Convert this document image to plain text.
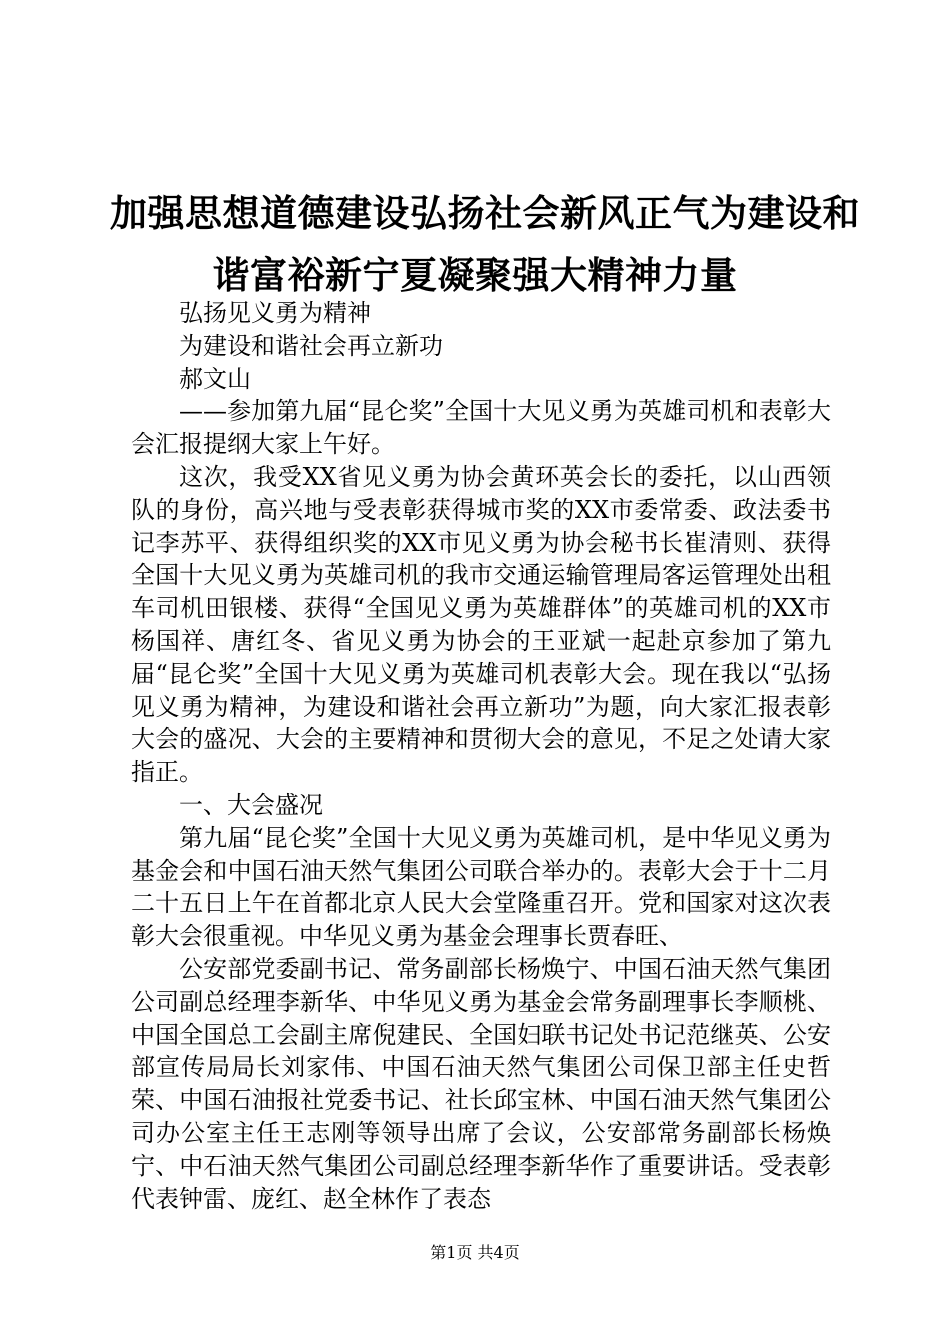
加强思想道德建设弘扬社会新风正气为建设和
谐富裕新宁夏凝聚强大精神力量

弘扬见义勇为精神

为建设和谐社会再立新功

郝文山

——参加第九届“昆仑奖”全国十大见义勇为英雄司机和表彰大会汇报提纲大家上午好。

这次，我受XX省见义勇为协会黄环英会长的委托，以山西领队的身份，高兴地与受表彰获得城市奖的XX市委常委、政法委书记李苏平、获得组织奖的XX市见义勇为协会秘书长崔清则、获得全国十大见义勇为英雄司机的我市交通运输管理局客运管理处出租车司机田银楼、获得“全国见义勇为英雄群体”的英雄司机的XX市杨国祥、唐红冬、省见义勇为协会的王亚斌一起赴京参加了第九届“昆仑奖”全国十大见义勇为英雄司机表彰大会。现在我以“弘扬见义勇为精神，为建设和谐社会再立新功”为题，向大家汇报表彰大会的盛况、大会的主要精神和贯彻大会的意见，不足之处请大家指正。

一、大会盛况

第九届“昆仑奖”全国十大见义勇为英雄司机，是中华见义勇为基金会和中国石油天然气集团公司联合举办的。表彰大会于十二月二十五日上午在首都北京人民大会堂隆重召开。党和国家对这次表彰大会很重视。中华见义勇为基金会理事长贾春旺、

公安部党委副书记、常务副部长杨焕宁、中国石油天然气集团公司副总经理李新华、中华见义勇为基金会常务副理事长李顺桃、中国全国总工会副主席倪建民、全国妇联书记处书记范继英、公安部宣传局局长刘家伟、中国石油天然气集团公司保卫部主任史哲荣、中国石油报社党委书记、社长邱宝林、中国石油天然气集团公司办公室主任王志刚等领导出席了会议，公安部常务副部长杨焕宁、中石油天然气集团公司副总经理李新华作了重要讲话。受表彰代表钟雷、庞红、赵全林作了表态

第1页 共4页
